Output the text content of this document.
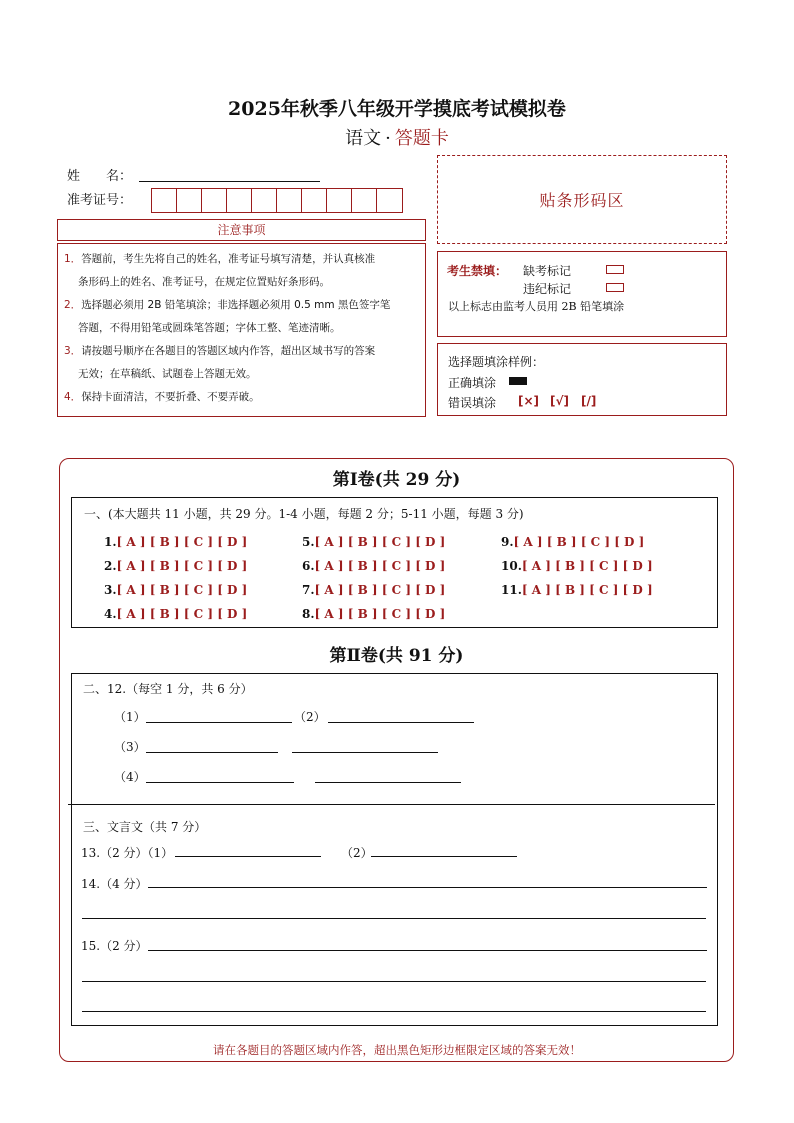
2025年秋季八年级开学摸底考试模拟卷
语文 · 答题卡
姓　　名：
准考证号：	贴条形码区
注意事项
1．答题前，考生先将自己的姓名，准考证号填写清楚，并认真核准
条形码上的姓名、准考证号，在规定位置贴好条形码。
2．选择题必须用 2B 铅笔填涂；非选择题必须用 0.5 mm 黑色签字笔
答题，不得用铅笔或圆珠笔答题；字体工整、笔迹清晰。
3．请按题号顺序在各题目的答题区域内作答，超出区域书写的答案
无效；在草稿纸、试题卷上答题无效。
4．保持卡面清洁，不要折叠、不要弄破。
考生禁填： 缺考标记
违纪标记
以上标志由监考人员用 2B 铅笔填涂
选择题填涂样例：
正确填涂
错误填涂 [×] [√] [/]
第Ⅰ卷(共 29 分)
一、(本大题共 11 小题，共 29 分。1-4 小题，每题 2 分；5-11 小题，每题 3 分)
1.[ A ] [ B ] [ C ] [ D ]
2.[ A ] [ B ] [ C ] [ D ]
3.[ A ] [ B ] [ C ] [ D ]
4.[ A ] [ B ] [ C ] [ D ]
5.[ A ] [ B ] [ C ] [ D ]
6.[ A ] [ B ] [ C ] [ D ]
7.[ A ] [ B ] [ C ] [ D ]
8.[ A ] [ B ] [ C ] [ D ]
9.[ A ] [ B ] [ C ] [ D ]
10.[ A ] [ B ] [ C ] [ D ]
11.[ A ] [ B ] [ C ] [ D ]
第Ⅱ卷(共 91 分)
二、12.（每空 1 分，共 6 分）
（1）	（2）
（3）
（4）
三、文言文（共 7 分）
13.（2 分）（1）	（2）
14.（4 分）
15.（2 分）
请在各题目的答题区域内作答，超出黑色矩形边框限定区域的答案无效！
